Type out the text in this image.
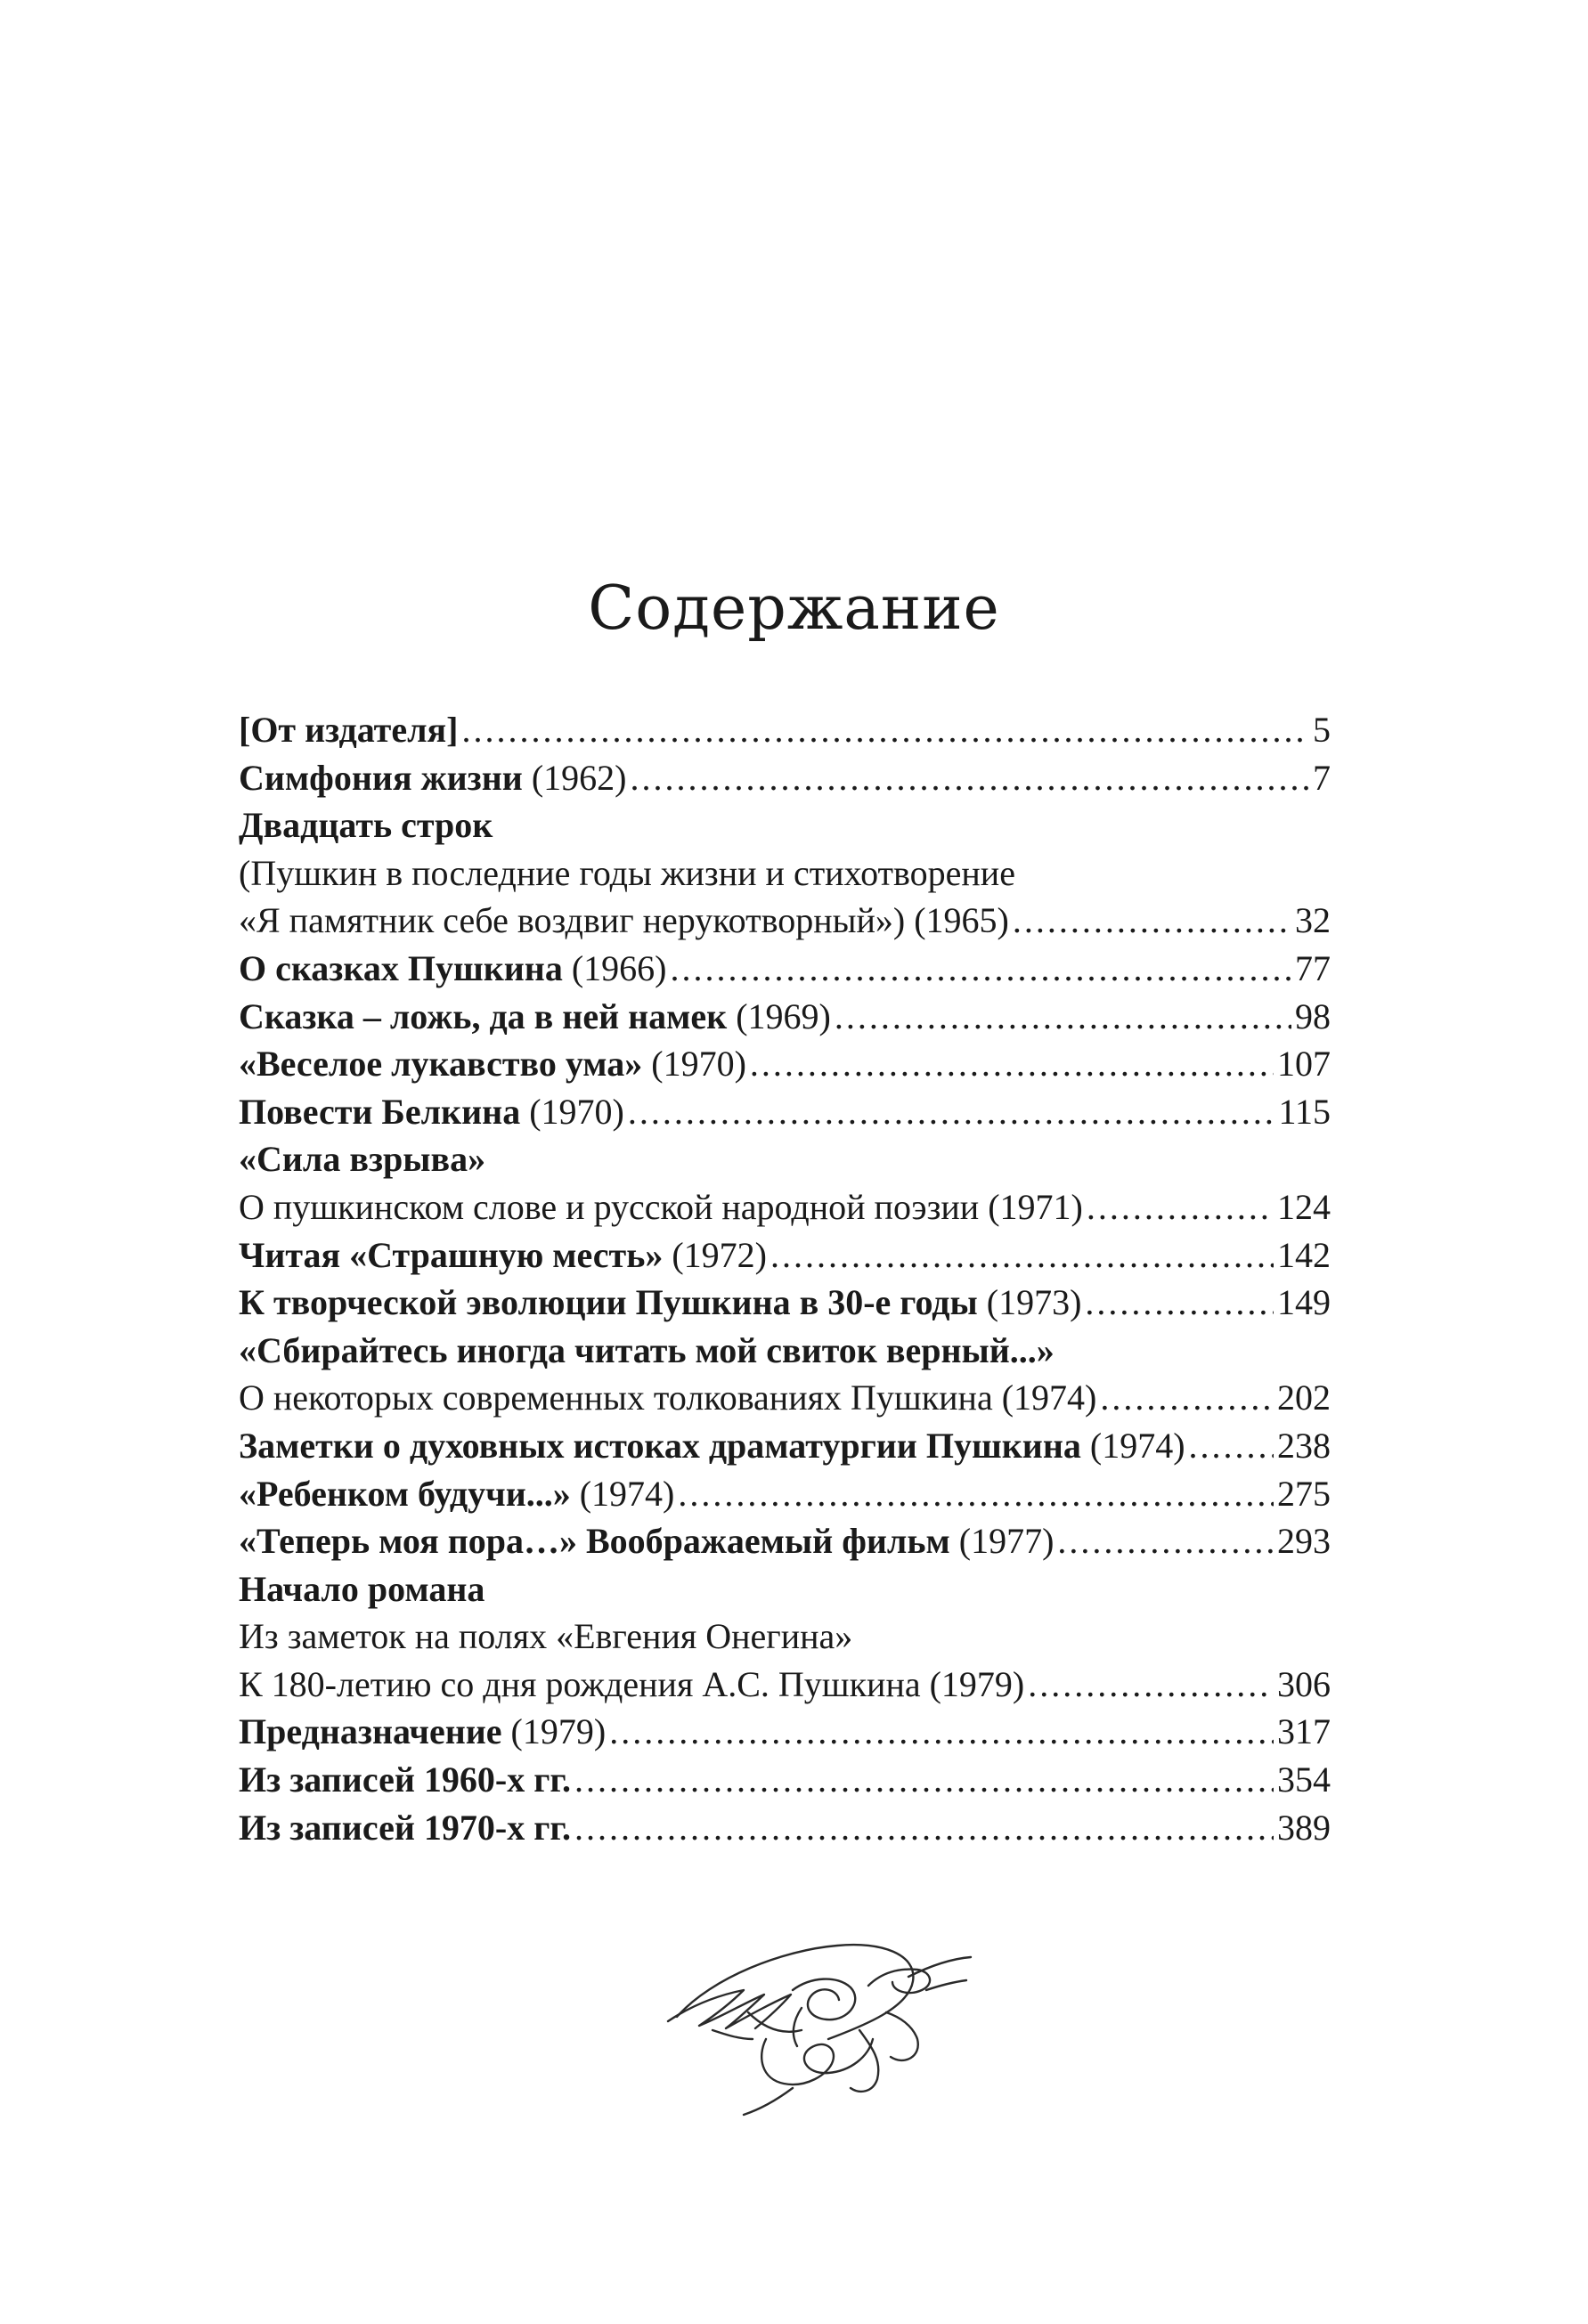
Содержание
[От издателя] .....	5
Симфония жизни (1962) .....	7
Двадцать строк
(Пушкин в последние годы жизни и стихотворение
«Я памятник себе воздвиг нерукотворный») (1965) .....	32
О сказках Пушкина (1966) .....	77
Сказка – ложь, да в ней намек (1969) .....	98
«Веселое лукавство ума» (1970) .....	107
Повести Белкина (1970) .....	115
«Сила взрыва»
О пушкинском слове и русской народной поэзии (1971) .....	124
Читая «Страшную месть» (1972) .....	142
К творческой эволюции Пушкина в 30-е годы (1973) .....	149
«Сбирайтесь иногда читать мой свиток верный...»
О некоторых современных толкованиях Пушкина (1974) .....	202
Заметки о духовных истоках драматургии Пушкина (1974) .....	238
«Ребенком будучи...» (1974) .....	275
«Теперь моя пора…» Воображаемый фильм (1977) .....	293
Начало романа
Из заметок на полях «Евгения Онегина»
К 180-летию со дня рождения А.С. Пушкина (1979) .....	306
Предназначение (1979) .....	317
Из записей 1960-х гг. .....	354
Из записей 1970-х гг. .....	389
